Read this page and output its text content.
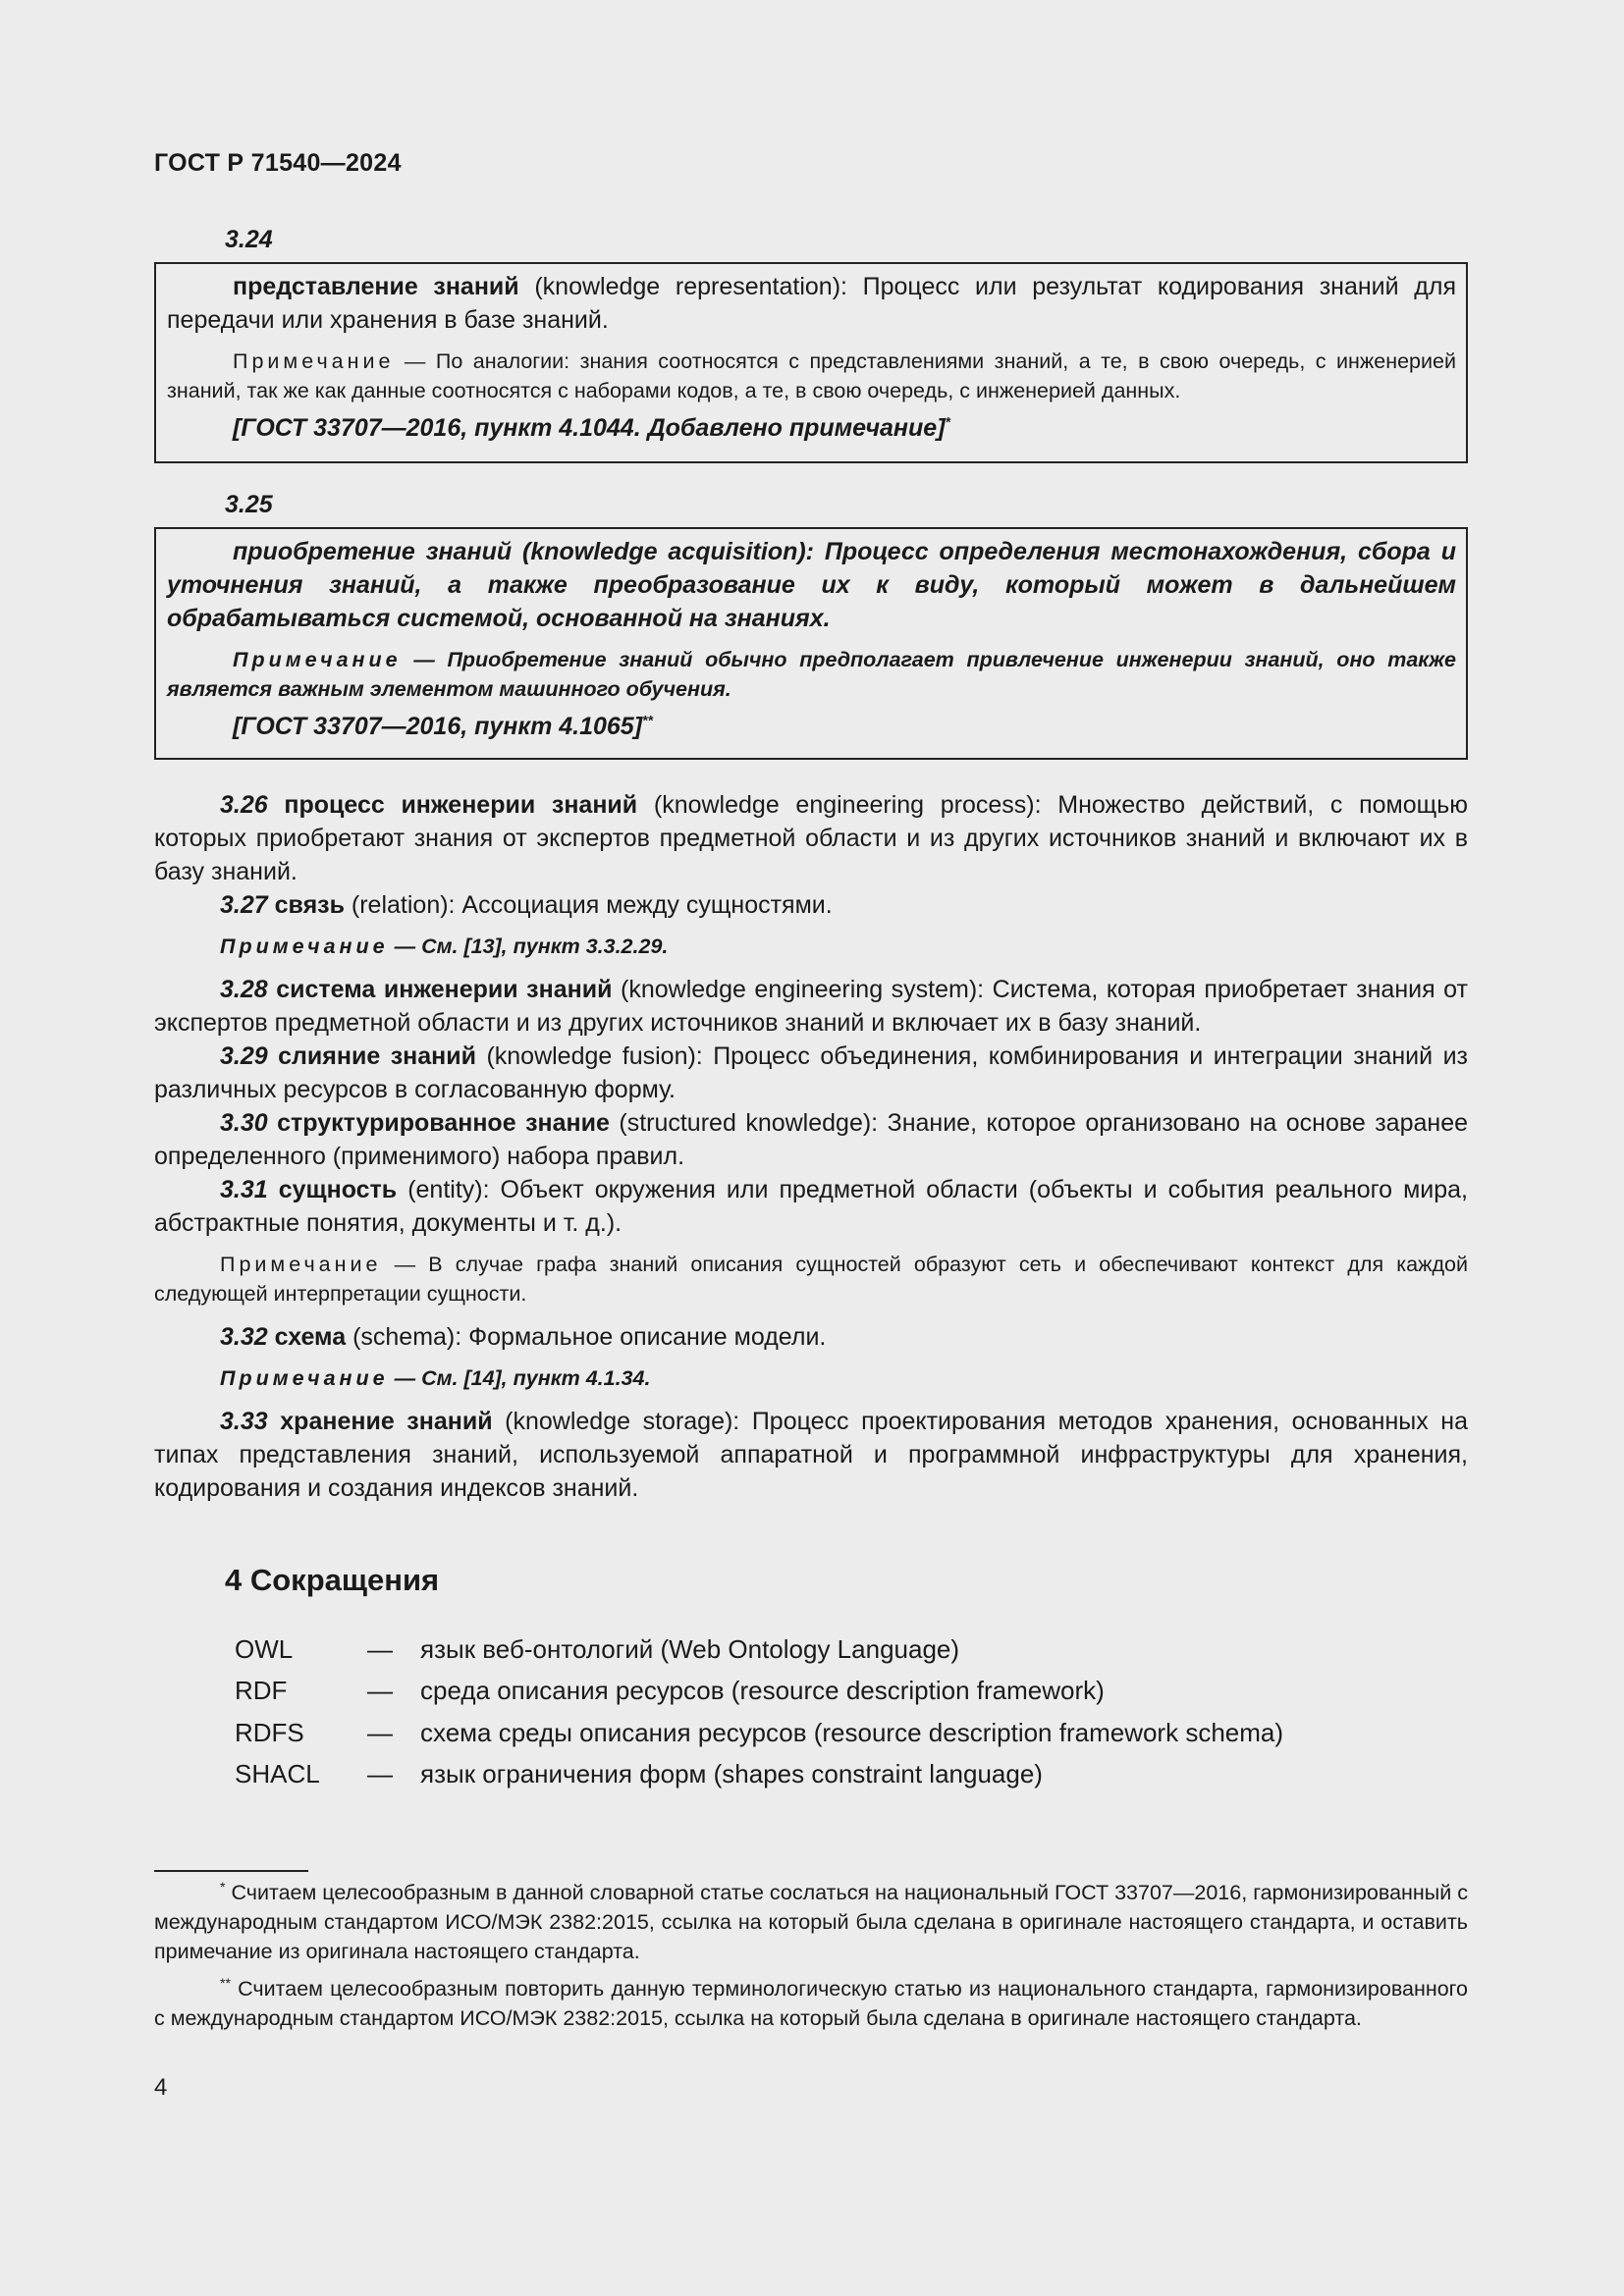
ГОСТ Р 71540—2024
3.24

представление знаний (knowledge representation): Процесс или результат кодирования знаний для передачи или хранения в базе знаний.

Примечание — По аналогии: знания соотносятся с представлениями знаний, а те, в свою очередь, с инженерией знаний, так же как данные соотносятся с наборами кодов, а те, в свою очередь, с инженерией данных.

[ГОСТ 33707—2016, пункт 4.1044. Добавлено примечание]*

3.25

приобретение знаний (knowledge acquisition): Процесс определения местонахождения, сбора и уточнения знаний, а также преобразование их к виду, который может в дальнейшем обрабатываться системой, основанной на знаниях.

Примечание — Приобретение знаний обычно предполагает привлечение инженерии знаний, оно также является важным элементом машинного обучения.

[ГОСТ 33707—2016, пункт 4.1065]**

3.26 процесс инженерии знаний (knowledge engineering process): Множество действий, с помощью которых приобретают знания от экспертов предметной области и из других источников знаний и включают их в базу знаний.

3.27 связь (relation): Ассоциация между сущностями.

Примечание — См. [13], пункт 3.3.2.29.

3.28 система инженерии знаний (knowledge engineering system): Система, которая приобретает знания от экспертов предметной области и из других источников знаний и включает их в базу знаний.

3.29 слияние знаний (knowledge fusion): Процесс объединения, комбинирования и интеграции знаний из различных ресурсов в согласованную форму.

3.30 структурированное знание (structured knowledge): Знание, которое организовано на основе заранее определенного (применимого) набора правил.

3.31 сущность (entity): Объект окружения или предметной области (объекты и события реального мира, абстрактные понятия, документы и т. д.).

Примечание — В случае графа знаний описания сущностей образуют сеть и обеспечивают контекст для каждой следующей интерпретации сущности.

3.32 схема (schema): Формальное описание модели.

Примечание — См. [14], пункт 4.1.34.

3.33 хранение знаний (knowledge storage): Процесс проектирования методов хранения, основанных на типах представления знаний, используемой аппаратной и программной инфраструктуры для хранения, кодирования и создания индексов знаний.

4 Сокращения
OWL	— язык веб-онтологий (Web Ontology Language)
RDF	— среда описания ресурсов (resource description framework)
RDFS — схема среды описания ресурсов (resource description framework schema)
SHACL — язык ограничения форм (shapes constraint language)

* Считаем целесообразным в данной словарной статье сослаться на национальный ГОСТ 33707—2016, гармонизированный с международным стандартом ИСО/МЭК 2382:2015, ссылка на который была сделана в оригинале настоящего стандарта, и оставить примечание из оригинала настоящего стандарта.

** Считаем целесообразным повторить данную терминологическую статью из национального стандарта, гармонизированного с международным стандартом ИСО/МЭК 2382:2015, ссылка на который была сделана в оригинале настоящего стандарта.

4
